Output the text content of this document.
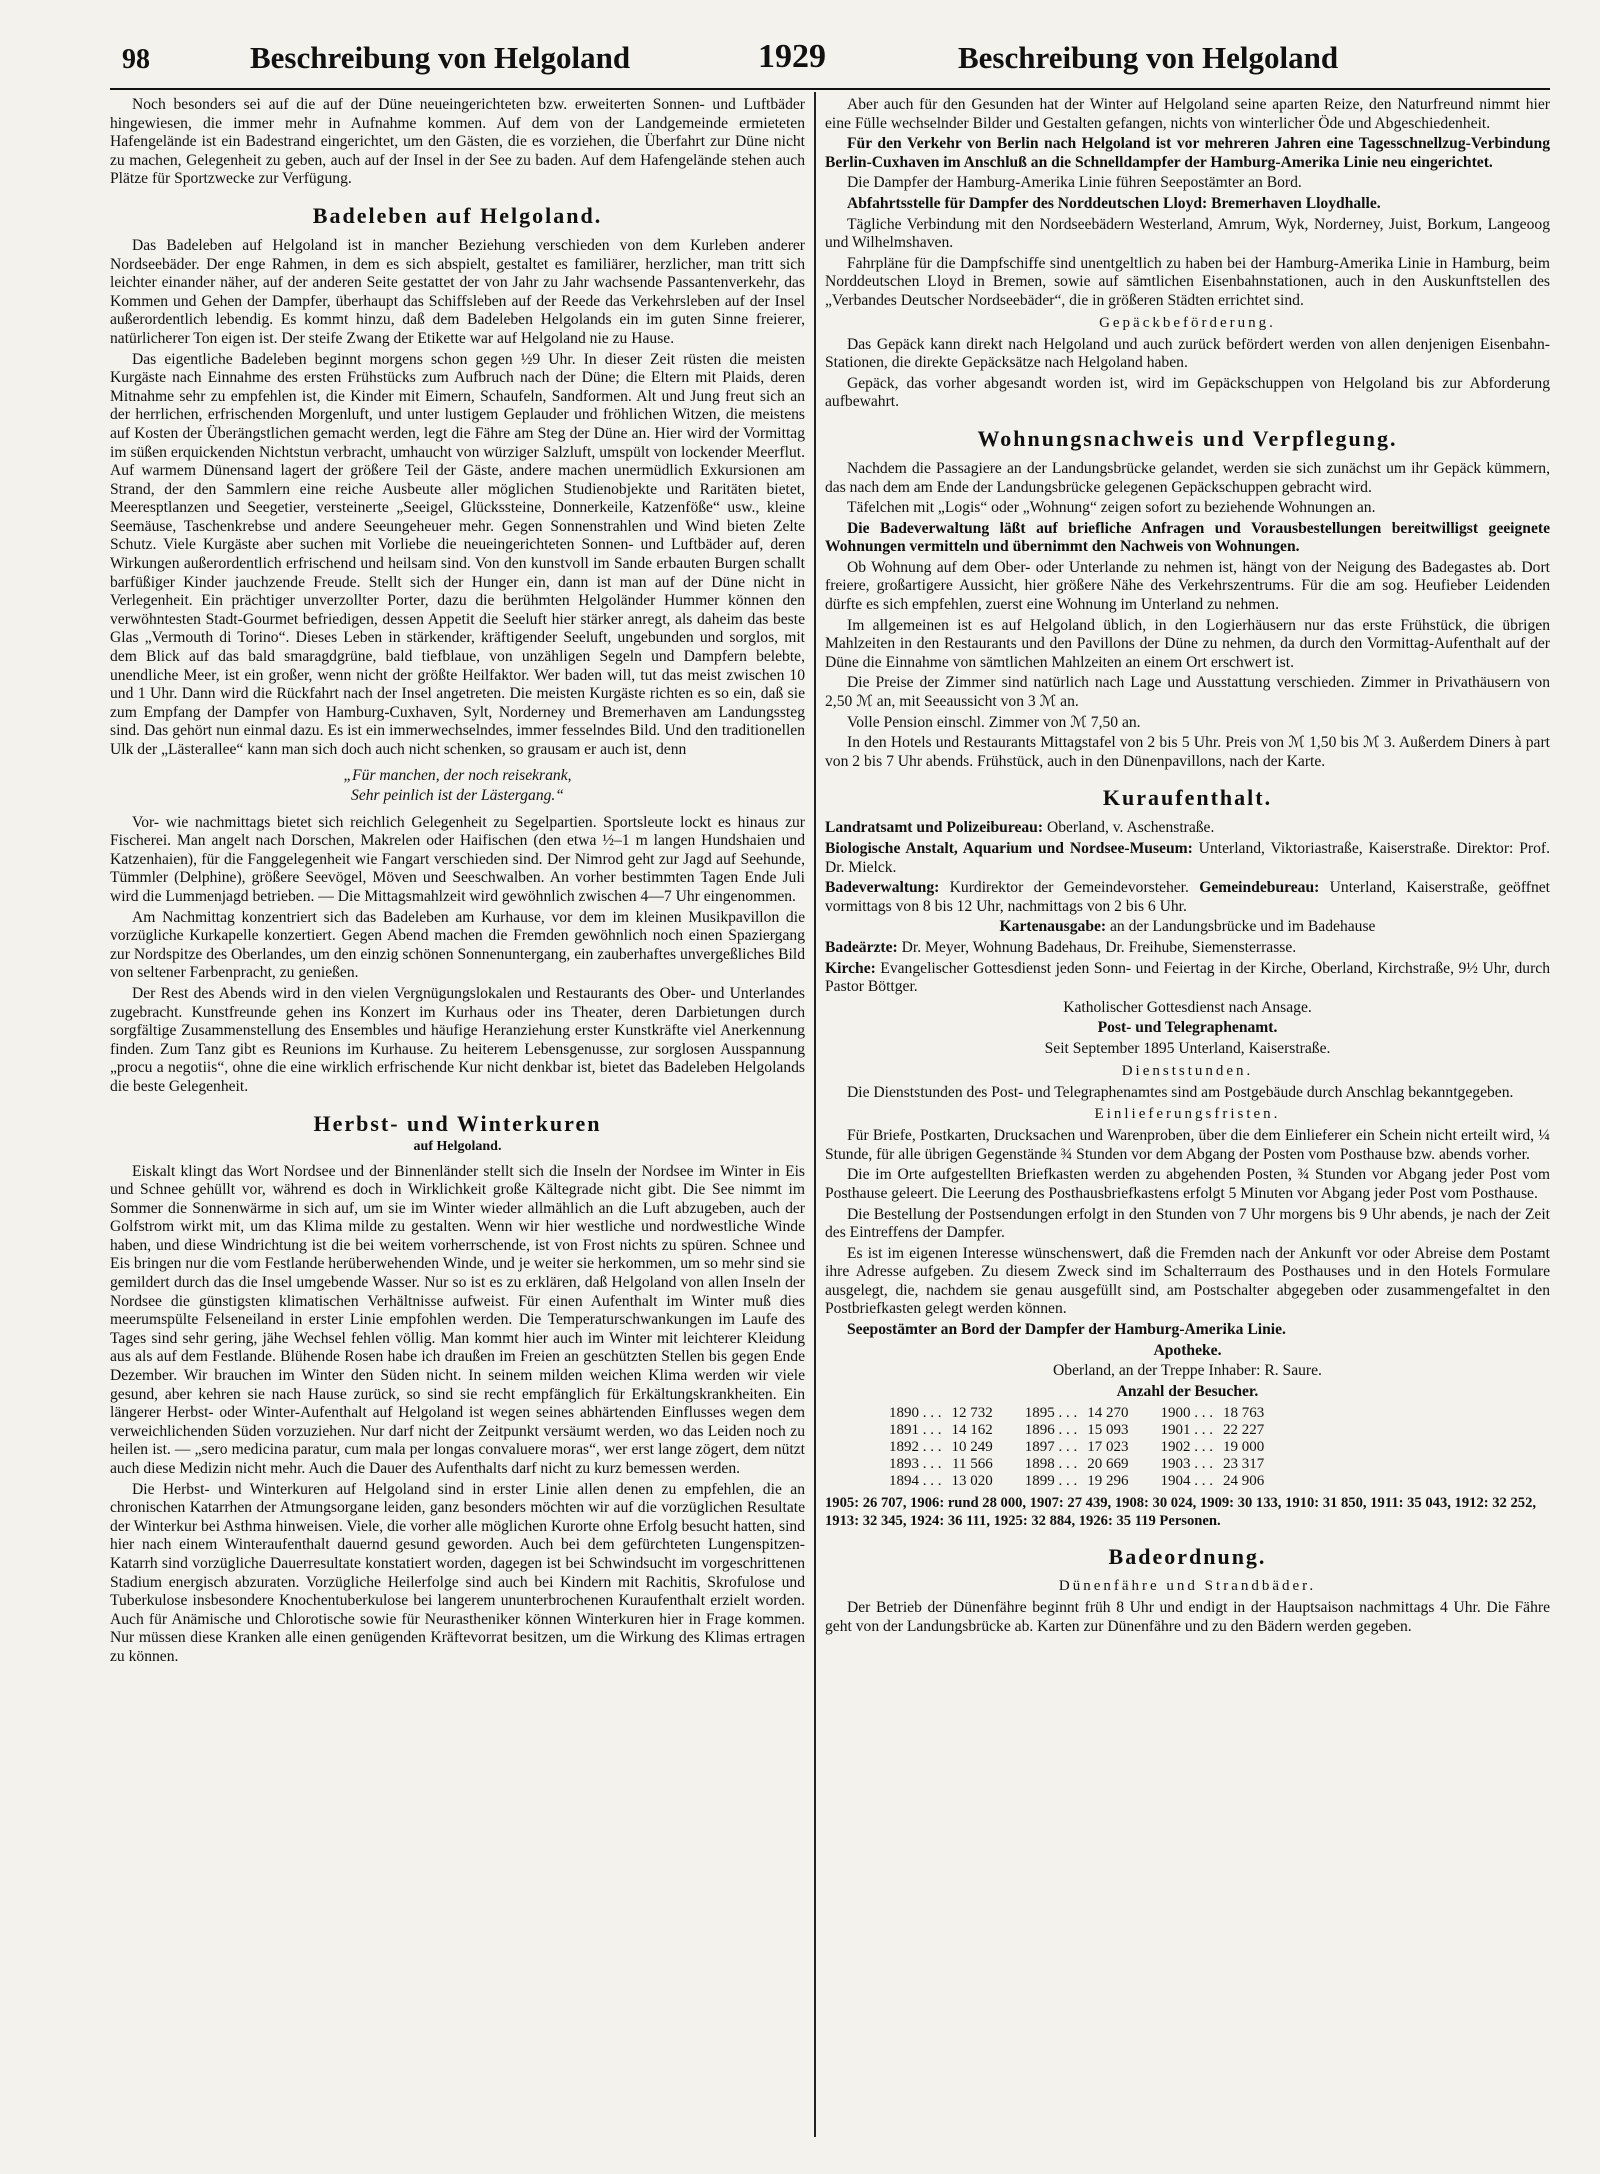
98	Beschreibung von Helgoland	1929	Beschreibung von Helgoland

Noch besonders sei auf die auf der Düne neueingerichteten bzw. erweiterten Sonnen- und Luftbäder hingewiesen, die immer mehr in Aufnahme kommen. Auf dem von der Landgemeinde ermieteten Hafengelände ist ein Badestrand eingerichtet, um den Gästen, die es vorziehen, die Überfahrt zur Düne nicht zu machen, Gelegenheit zu geben, auch auf der Insel in der See zu baden. Auf dem Hafengelände stehen auch Plätze für Sportzwecke zur Verfügung.

Badeleben auf Helgoland.

Das Badeleben auf Helgoland ist in mancher Beziehung verschieden von dem Kurleben anderer Nordseebäder. Der enge Rahmen, in dem es sich abspielt, gestaltet es familiärer, herzlicher, man tritt sich leichter einander näher, auf der anderen Seite gestattet der von Jahr zu Jahr wachsende Passantenverkehr, das Kommen und Gehen der Dampfer, überhaupt das Schiffsleben auf der Reede das Verkehrsleben auf der Insel außerordentlich lebendig. Es kommt hinzu, daß dem Badeleben Helgolands ein im guten Sinne freierer, natürlicherer Ton eigen ist. Der steife Zwang der Etikette war auf Helgoland nie zu Hause.

Das eigentliche Badeleben beginnt morgens schon gegen ½9 Uhr. In dieser Zeit rüsten die meisten Kurgäste nach Einnahme des ersten Frühstücks zum Aufbruch nach der Düne; die Eltern mit Plaids, deren Mitnahme sehr zu empfehlen ist, die Kinder mit Eimern, Schaufeln, Sandformen. Alt und Jung freut sich an der herrlichen, erfrischenden Morgenluft, und unter lustigem Geplauder und fröhlichen Witzen, die meistens auf Kosten der Überängstlichen gemacht werden, legt die Fähre am Steg der Düne an. Hier wird der Vormittag im süßen erquickenden Nichtstun verbracht, umhaucht von würziger Salzluft, umspült von lockender Meerflut. Auf warmem Dünensand lagert der größere Teil der Gäste, andere machen unermüdlich Exkursionen am Strand, der den Sammlern eine reiche Ausbeute aller möglichen Studienobjekte und Raritäten bietet, Meeresptlanzen und Seegetier, versteinerte „Seeigel, Glückssteine, Donnerkeile, Katzenföße“ usw., kleine Seemäuse, Taschenkrebse und andere Seeungeheuer mehr. Gegen Sonnenstrahlen und Wind bieten Zelte Schutz. Viele Kurgäste aber suchen mit Vorliebe die neueingerichteten Sonnen- und Luftbäder auf, deren Wirkungen außerordentlich erfrischend und heilsam sind. Von den kunstvoll im Sande erbauten Burgen schallt barfüßiger Kinder jauchzende Freude. Stellt sich der Hunger ein, dann ist man auf der Düne nicht in Verlegenheit. Ein prächtiger unverzollter Porter, dazu die berühmten Helgoländer Hummer können den verwöhntesten Stadt-Gourmet befriedigen, dessen Appetit die Seeluft hier stärker anregt, als daheim das beste Glas „Vermouth di Torino“. Dieses Leben in stärkender, kräftigender Seeluft, ungebunden und sorglos, mit dem Blick auf das bald smaragdgrüne, bald tiefblaue, von unzähligen Segeln und Dampfern belebte, unendliche Meer, ist ein großer, wenn nicht der größte Heilfaktor. Wer baden will, tut das meist zwischen 10 und 1 Uhr. Dann wird die Rückfahrt nach der Insel angetreten. Die meisten Kurgäste richten es so ein, daß sie zum Empfang der Dampfer von Hamburg-Cuxhaven, Sylt, Norderney und Bremerhaven am Landungssteg sind. Das gehört nun einmal dazu. Es ist ein immerwechselndes, immer fesselndes Bild. Und den traditionellen Ulk der „Lästerallee“ kann man sich doch auch nicht schenken, so grausam er auch ist, denn

„Für manchen, der noch reisekrank,
Sehr peinlich ist der Lästergang.“

Vor- wie nachmittags bietet sich reichlich Gelegenheit zu Segelpartien. Sportsleute lockt es hinaus zur Fischerei. Man angelt nach Dorschen, Makrelen oder Haifischen (den etwa ½–1 m langen Hundshaien und Katzenhaien), für die Fanggelegenheit wie Fangart verschieden sind. Der Nimrod geht zur Jagd auf Seehunde, Tümmler (Delphine), größere Seevögel, Möven und Seeschwalben. An vorher bestimmten Tagen Ende Juli wird die Lummenjagd betrieben. — Die Mittagsmahlzeit wird gewöhnlich zwischen 4—7 Uhr eingenommen.

Am Nachmittag konzentriert sich das Badeleben am Kurhause, vor dem im kleinen Musikpavillon die vorzügliche Kurkapelle konzertiert. Gegen Abend machen die Fremden gewöhnlich noch einen Spaziergang zur Nordspitze des Oberlandes, um den einzig schönen Sonnenuntergang, ein zauberhaftes unvergeßliches Bild von seltener Farbenpracht, zu genießen.

Der Rest des Abends wird in den vielen Vergnügungslokalen und Restaurants des Ober- und Unterlandes zugebracht. Kunstfreunde gehen ins Konzert im Kurhaus oder ins Theater, deren Darbietungen durch sorgfältige Zusammenstellung des Ensembles und häufige Heranziehung erster Kunstkräfte viel Anerkennung finden. Zum Tanz gibt es Reunions im Kurhause. Zu heiterem Lebensgenusse, zur sorglosen Ausspannung „procu a negotiis“, ohne die eine wirklich erfrischende Kur nicht denkbar ist, bietet das Badeleben Helgolands die beste Gelegenheit.

Herbst- und Winterkuren
auf Helgoland.

Eiskalt klingt das Wort Nordsee und der Binnenländer stellt sich die Inseln der Nordsee im Winter in Eis und Schnee gehüllt vor, während es doch in Wirklichkeit große Kältegrade nicht gibt. Die See nimmt im Sommer die Sonnenwärme in sich auf, um sie im Winter wieder allmählich an die Luft abzugeben, auch der Golfstrom wirkt mit, um das Klima milde zu gestalten. Wenn wir hier westliche und nordwestliche Winde haben, und diese Windrichtung ist die bei weitem vorherrschende, ist von Frost nichts zu spüren. Schnee und Eis bringen nur die vom Festlande herüberwehenden Winde, und je weiter sie herkommen, um so mehr sind sie gemildert durch das die Insel umgebende Wasser. Nur so ist es zu erklären, daß Helgoland von allen Inseln der Nordsee die günstigsten klimatischen Verhältnisse aufweist. Für einen Aufenthalt im Winter muß dies meerumspülte Felseneiland in erster Linie empfohlen werden. Die Temperaturschwankungen im Laufe des Tages sind sehr gering, jähe Wechsel fehlen völlig. Man kommt hier auch im Winter mit leichterer Kleidung aus als auf dem Festlande. Blühende Rosen habe ich draußen im Freien an geschützten Stellen bis gegen Ende Dezember. Wir brauchen im Winter den Süden nicht. In seinem milden weichen Klima werden wir viele gesund, aber kehren sie nach Hause zurück, so sind sie recht empfänglich für Erkältungskrankheiten. Ein längerer Herbst- oder Winter-Aufenthalt auf Helgoland ist wegen seines abhärtenden Einflusses wegen dem verweichlichenden Süden vorzuziehen. Nur darf nicht der Zeitpunkt versäumt werden, wo das Leiden noch zu heilen ist. — „sero medicina paratur, cum mala per longas convaluere moras“, wer erst lange zögert, dem nützt auch diese Medizin nicht mehr. Auch die Dauer des Aufenthalts darf nicht zu kurz bemessen werden.

Die Herbst- und Winterkuren auf Helgoland sind in erster Linie allen denen zu empfehlen, die an chronischen Katarrhen der Atmungsorgane leiden, ganz besonders möchten wir auf die vorzüglichen Resultate der Winterkur bei Asthma hinweisen. Viele, die vorher alle möglichen Kurorte ohne Erfolg besucht hatten, sind hier nach einem Winteraufenthalt dauernd gesund geworden. Auch bei dem gefürchteten Lungenspitzen-Katarrh sind vorzügliche Dauerresultate konstatiert worden, dagegen ist bei Schwindsucht im vorgeschrittenen Stadium energisch abzuraten. Vorzügliche Heilerfolge sind auch bei Kindern mit Rachitis, Skrofulose und Tuberkulose insbesondere Knochentuberkulose bei langerem ununterbrochenen Kuraufenthalt erzielt worden. Auch für Anämische und Chlorotische sowie für Neurastheniker können Winterkuren hier in Frage kommen. Nur müssen diese Kranken alle einen genügenden Kräftevorrat besitzen, um die Wirkung des Klimas ertragen zu können.

Aber auch für den Gesunden hat der Winter auf Helgoland seine aparten Reize, den Naturfreund nimmt hier eine Fülle wechselnder Bilder und Gestalten gefangen, nichts von winterlicher Öde und Abgeschiedenheit.

Für den Verkehr von Berlin nach Helgoland ist vor mehreren Jahren eine Tagesschnellzug-Verbindung Berlin-Cuxhaven im Anschluß an die Schnelldampfer der Hamburg-Amerika Linie neu eingerichtet.

Die Dampfer der Hamburg-Amerika Linie führen Seepostämter an Bord.

Abfahrtsstelle für Dampfer des Norddeutschen Lloyd: Bremerhaven Lloydhalle.

Tägliche Verbindung mit den Nordseebädern Westerland, Amrum, Wyk, Norderney, Juist, Borkum, Langeoog und Wilhelmshaven.

Fahrpläne für die Dampfschiffe sind unentgeltlich zu haben bei der Hamburg-Amerika Linie in Hamburg, beim Norddeutschen Lloyd in Bremen, sowie auf sämtlichen Eisenbahnstationen, auch in den Auskunftstellen des „Verbandes Deutscher Nordseebäder“, die in größeren Städten errichtet sind.

Gepäckbeförderung.

Das Gepäck kann direkt nach Helgoland und auch zurück befördert werden von allen denjenigen Eisenbahn-Stationen, die direkte Gepäcksätze nach Helgoland haben.

Gepäck, das vorher abgesandt worden ist, wird im Gepäckschuppen von Helgoland bis zur Abforderung aufbewahrt.

Wohnungsnachweis und Verpflegung.

Nachdem die Passagiere an der Landungsbrücke gelandet, werden sie sich zunächst um ihr Gepäck kümmern, das nach dem am Ende der Landungsbrücke gelegenen Gepäckschuppen gebracht wird.

Täfelchen mit „Logis“ oder „Wohnung“ zeigen sofort zu beziehende Wohnungen an.

Die Badeverwaltung läßt auf briefliche Anfragen und Vorausbestellungen bereitwilligst geeignete Wohnungen vermitteln und übernimmt den Nachweis von Wohnungen.

Ob Wohnung auf dem Ober- oder Unterlande zu nehmen ist, hängt von der Neigung des Badegastes ab. Dort freiere, großartigere Aussicht, hier größere Nähe des Verkehrszentrums. Für die am sog. Heufieber Leidenden dürfte es sich empfehlen, zuerst eine Wohnung im Unterland zu nehmen.

Im allgemeinen ist es auf Helgoland üblich, in den Logierhäusern nur das erste Frühstück, die übrigen Mahlzeiten in den Restaurants und den Pavillons der Düne zu nehmen, da durch den Vormittag-Aufenthalt auf der Düne die Einnahme von sämtlichen Mahlzeiten an einem Ort erschwert ist.

Die Preise der Zimmer sind natürlich nach Lage und Ausstattung verschieden. Zimmer in Privathäusern von 2,50 ℳ an, mit Seeaussicht von 3 ℳ an.

Volle Pension einschl. Zimmer von ℳ 7,50 an.

In den Hotels und Restaurants Mittagstafel von 2 bis 5 Uhr. Preis von ℳ 1,50 bis ℳ 3. Außerdem Diners à part von 2 bis 7 Uhr abends. Frühstück, auch in den Dünenpavillons, nach der Karte.

Kuraufenthalt.

Landratsamt und Polizeibureau: Oberland, v. Aschenstraße.

Biologische Anstalt, Aquarium und Nordsee-Museum: Unterland, Viktoriastraße, Kaiserstraße. Direktor: Prof. Dr. Mielck.

Badeverwaltung: Kurdirektor der Gemeindevorsteher. Gemeindebureau: Unterland, Kaiserstraße, geöffnet vormittags von 8 bis 12 Uhr, nachmittags von 2 bis 6 Uhr.

Kartenausgabe: an der Landungsbrücke und im Badehause

Badeärzte: Dr. Meyer, Wohnung Badehaus, Dr. Freihube, Siemensterrasse.

Kirche: Evangelischer Gottesdienst jeden Sonn- und Feiertag in der Kirche, Oberland, Kirchstraße, 9½ Uhr, durch Pastor Böttger.

Katholischer Gottesdienst nach Ansage.

Post- und Telegraphenamt.

Seit September 1895 Unterland, Kaiserstraße.

Dienststunden.

Die Dienststunden des Post- und Telegraphenamtes sind am Postgebäude durch Anschlag bekanntgegeben.

Einlieferungsfristen.

Für Briefe, Postkarten, Drucksachen und Warenproben, über die dem Einlieferer ein Schein nicht erteilt wird, ¼ Stunde, für alle übrigen Gegenstände ¾ Stunden vor dem Abgang der Posten vom Posthause bzw. abends vorher.

Die im Orte aufgestellten Briefkasten werden zu abgehenden Posten, ¾ Stunden vor Abgang jeder Post vom Posthause geleert. Die Leerung des Posthausbriefkastens erfolgt 5 Minuten vor Abgang jeder Post vom Posthause.

Die Bestellung der Postsendungen erfolgt in den Stunden von 7 Uhr morgens bis 9 Uhr abends, je nach der Zeit des Eintreffens der Dampfer.

Es ist im eigenen Interesse wünschenswert, daß die Fremden nach der Ankunft vor oder Abreise dem Postamt ihre Adresse aufgeben. Zu diesem Zweck sind im Schalterraum des Posthauses und in den Hotels Formulare ausgelegt, die, nachdem sie genau ausgefüllt sind, am Postschalter abgegeben oder zusammengefaltet in den Postbriefkasten gelegt werden können.

Seepostämter an Bord der Dampfer der Hamburg-Amerika Linie.

Apotheke.

Oberland, an der Treppe Inhaber: R. Saure.

Anzahl der Besucher.

1890 . . .	12 732	1895 . . .	14 270	1900 . . .	18 763
1891 . . .	14 162	1896 . . .	15 093	1901 . . .	22 227
1892 . . .	10 249	1897 . . .	17 023	1902 . . .	19 000
1893 . . .	11 566	1898 . . .	20 669	1903 . . .	23 317
1894 . . .	13 020	1899 . . .	19 296	1904 . . .	24 906
1905: 26 707, 1906: rund 28 000, 1907: 27 439, 1908: 30 024, 1909: 30 133, 1910: 31 850, 1911: 35 043, 1912: 32 252, 1913: 32 345, 1924: 36 111, 1925: 32 884, 1926: 35 119 Personen.
Badeordnung.
Dünenfähre und Strandbäder.

Der Betrieb der Dünenfähre beginnt früh 8 Uhr und endigt in der Hauptsaison nachmittags 4 Uhr. Die Fähre geht von der Landungsbrücke ab. Karten zur Dünenfähre und zu den Bädern werden gegeben.
